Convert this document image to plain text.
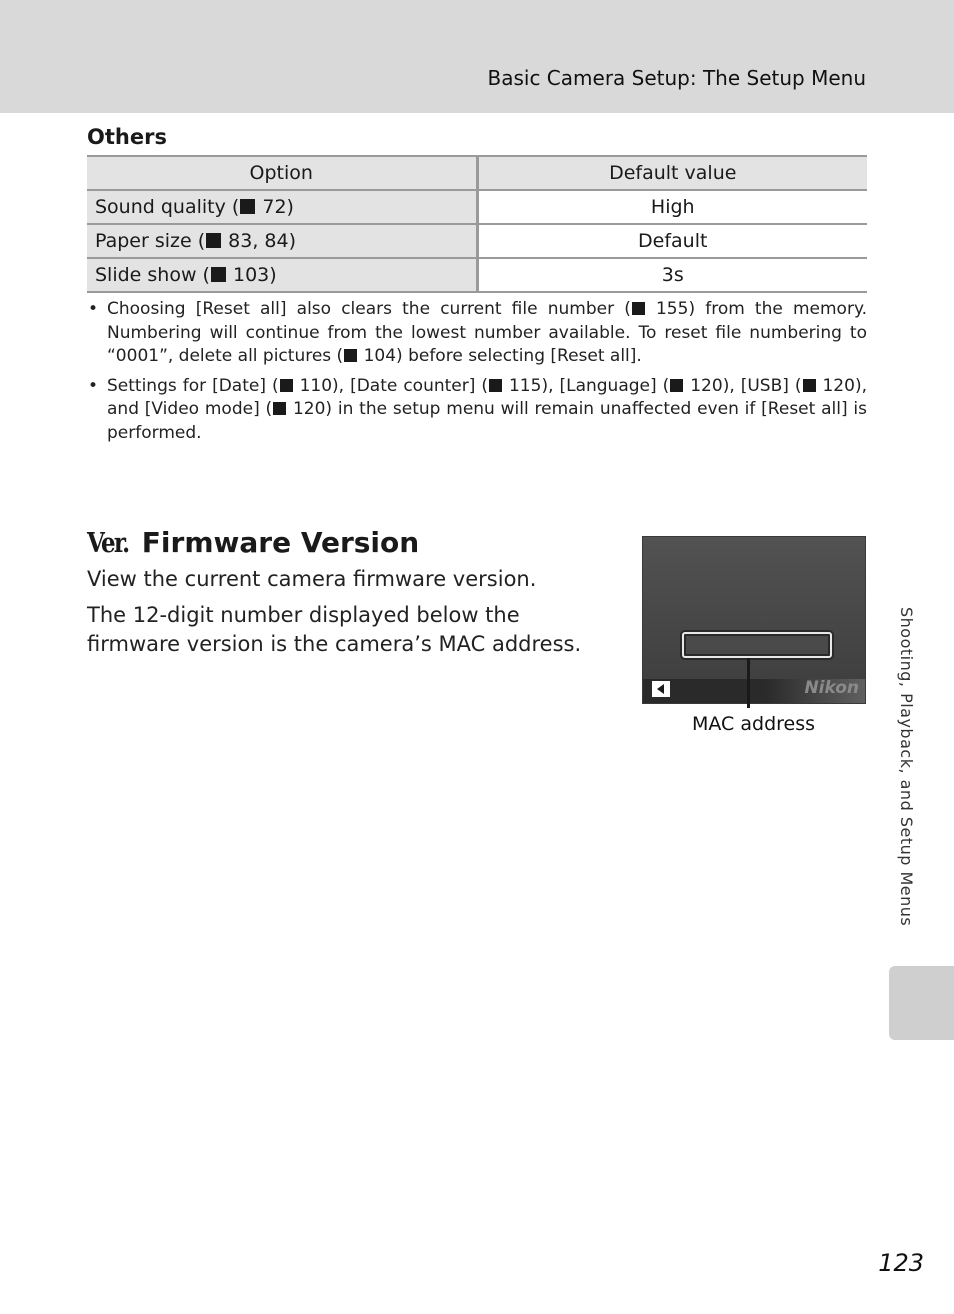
Basic Camera Setup: The Setup Menu
Others
Option	Default value
Sound quality ( 72)	High
Paper size ( 83, 84)	Default
Slide show ( 103)	3s
• Choosing [Reset all] also clears the current file number ( 155) from the memory. Numbering will continue from the lowest number available. To reset file numbering to “0001”, delete all pictures ( 104) before selecting [Reset all].
• Settings for [Date] ( 110), [Date counter] ( 115), [Language] ( 120), [USB] ( 120), and [Video mode] ( 120) in the setup menu will remain unaffected even if [Reset all] is performed.
Ver. Firmware Version
View the current camera firmware version.
The 12-digit number displayed below the firmware version is the camera’s MAC address.
Nikon
MAC address	Shooting, Playback, and Setup Menus
123
